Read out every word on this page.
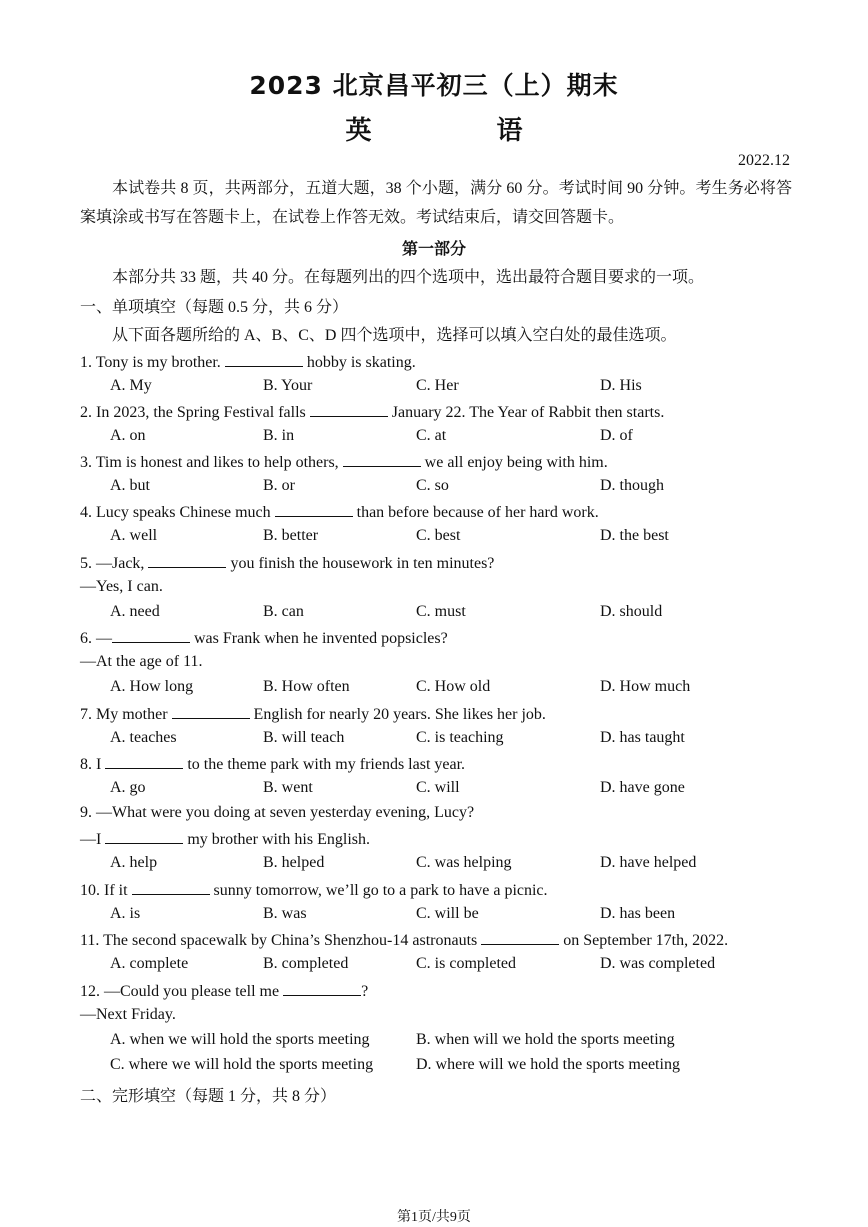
2023 北京昌平初三（上）期末
英 语
2022.12
本试卷共 8 页，共两部分，五道大题，38 个小题，满分 60 分。考试时间 90 分钟。考生务必将答案填涂或书写在答题卡上，在试卷上作答无效。考试结束后，请交回答题卡。
第一部分
本部分共 33 题，共 40 分。在每题列出的四个选项中，选出最符合题目要求的一项。
一、单项填空（每题 0.5 分，共 6 分）
从下面各题所给的 A、B、C、D 四个选项中，选择可以填入空白处的最佳选项。
1. Tony is my brother.	hobby is skating.
A. My	B. Your	C. Her	D. His
2. In 2023, the Spring Festival falls	January 22. The Year of Rabbit then starts.
A. on	B. in	C. at	D. of
3. Tim is honest and likes to help others,	we all enjoy being with him.
A. but	B. or	C. so	D. though
4. Lucy speaks Chinese much	than before because of her hard work.
A. well	B. better	C. best	D. the best
5. —Jack,	you finish the housework in ten minutes?
—Yes, I can.
A. need	B. can	C. must	D. should
6. —	was Frank when he invented popsicles?
—At the age of 11.
A. How long	B. How often	C. How old	D. How much
7. My mother	English for nearly 20 years. She likes her job.
A. teaches	B. will teach	C. is teaching	D. has taught
8. I	to the theme park with my friends last year.
A. go	B. went	C. will	D. have gone
9. —What were you doing at seven yesterday evening, Lucy?
—I	my brother with his English.
A. help	B. helped	C. was helping	D. have helped
10. If it	sunny tomorrow, we’ll go to a park to have a picnic.
A. is	B. was	C. will be	D. has been
11. The second spacewalk by China’s Shenzhou-14 astronauts	on September 17th, 2022.
A. complete	B. completed	C. is completed	D. was completed
12. —Could you please tell me	?
—Next Friday.
A. when we will hold the sports meeting	B. when will we hold the sports meeting
C. where we will hold the sports meeting	D. where will we hold the sports meeting
二、完形填空（每题 1 分，共 8 分）
第1页/共9页
